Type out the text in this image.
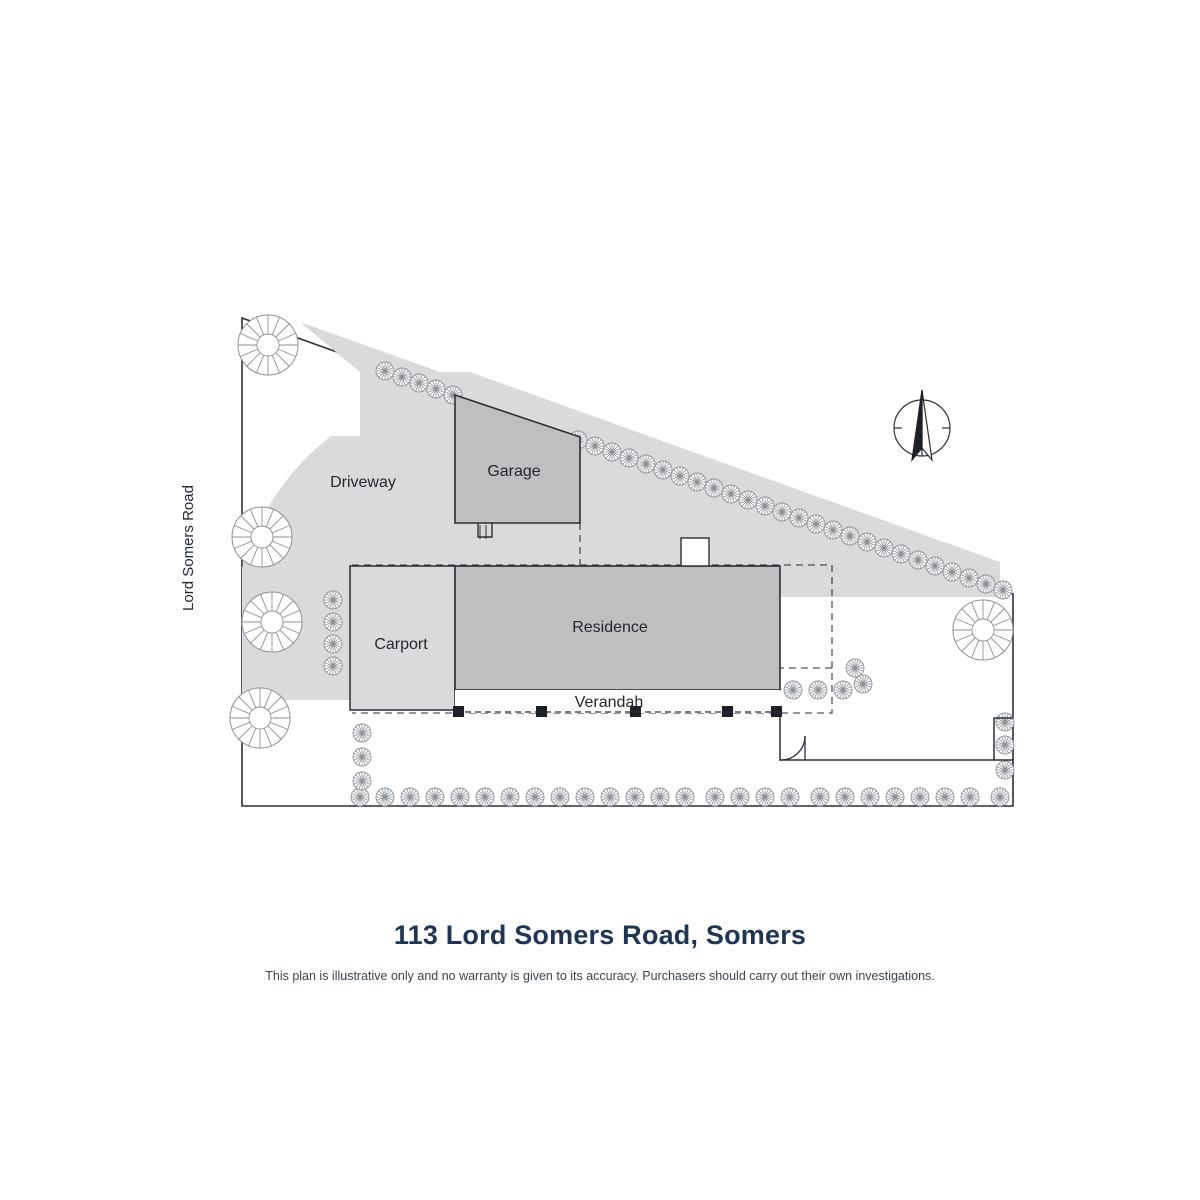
Driveway
Garage
Carport
Residence
Verandah
Lord Somers Road

113 Lord Somers Road, Somers

This plan is illustrative only and no warranty is given to its accuracy. Purchasers should carry out their own investigations.
